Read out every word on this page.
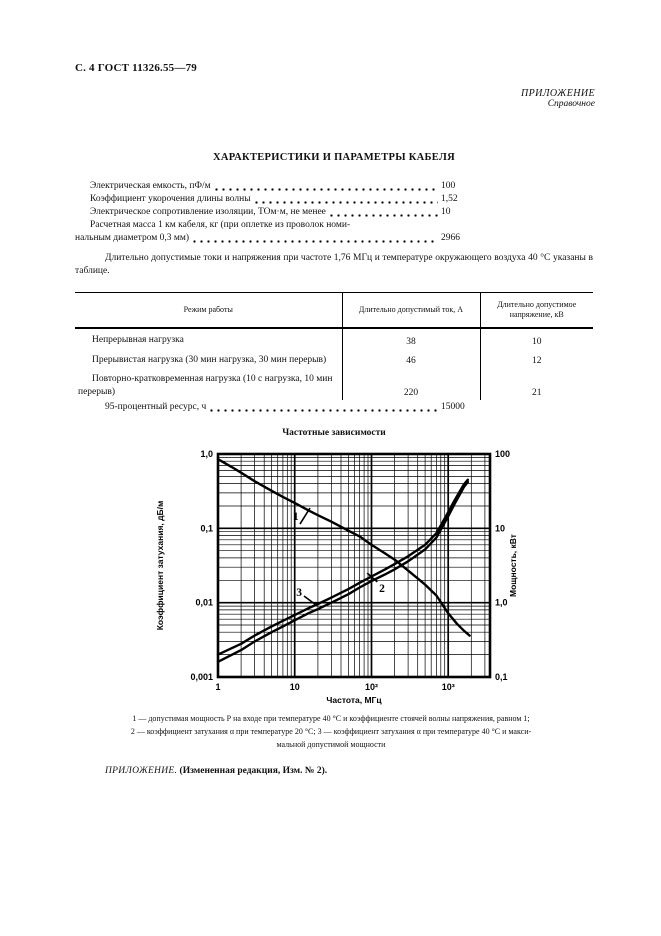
С. 4 ГОСТ 11326.55—79
ПРИЛОЖЕНИЕ
Справочное
ХАРАКТЕРИСТИКИ И ПАРАМЕТРЫ КАБЕЛЯ
Электрическая емкость, пФ/м	100
Коэффициент укорочения длины волны	1,52
Электрическое сопротивление изоляции, ТОм·м, не менее	10
Расчетная масса 1 км кабеля, кг (при оплетке из проволок номи-
нальным диаметром 0,3 мм)	2966
Длительно допустимые токи и напряжения при частоте 1,76 МГц и температуре окружающего воздуха 40 °С указаны в таблице.
Режим работы	Длительно допустимый ток, А	Длительно допустимое напряжение, кВ
Непрерывная нагрузка	38	10
Прерывистая нагрузка (30 мин нагрузка, 30 мин перерыв)	46	12
Повторно-кратковременная нагрузка (10 с нагрузка, 10 мин перерыв)	220	21
95-процентный ресурс, ч	15000
Частотные зависимости
1
2
3
1	10	10²	10³
1,0
0,1
0,01
0,001
100
10
1,0
0,1
Частота, МГц
Коэффициент затухания, дБ/м	Мощность, кВт
1 — допустимая мощность Р на входе при температуре 40 °С и коэффициенте стоячей волны напряжения, равном 1;
2 — коэффициент затухания α при температуре 20 °С; 3 — коэффициент затухания α при температуре 40 °С и макси-
мальной допустимой мощности
ПРИЛОЖЕНИЕ. (Измененная редакция, Изм. № 2).
